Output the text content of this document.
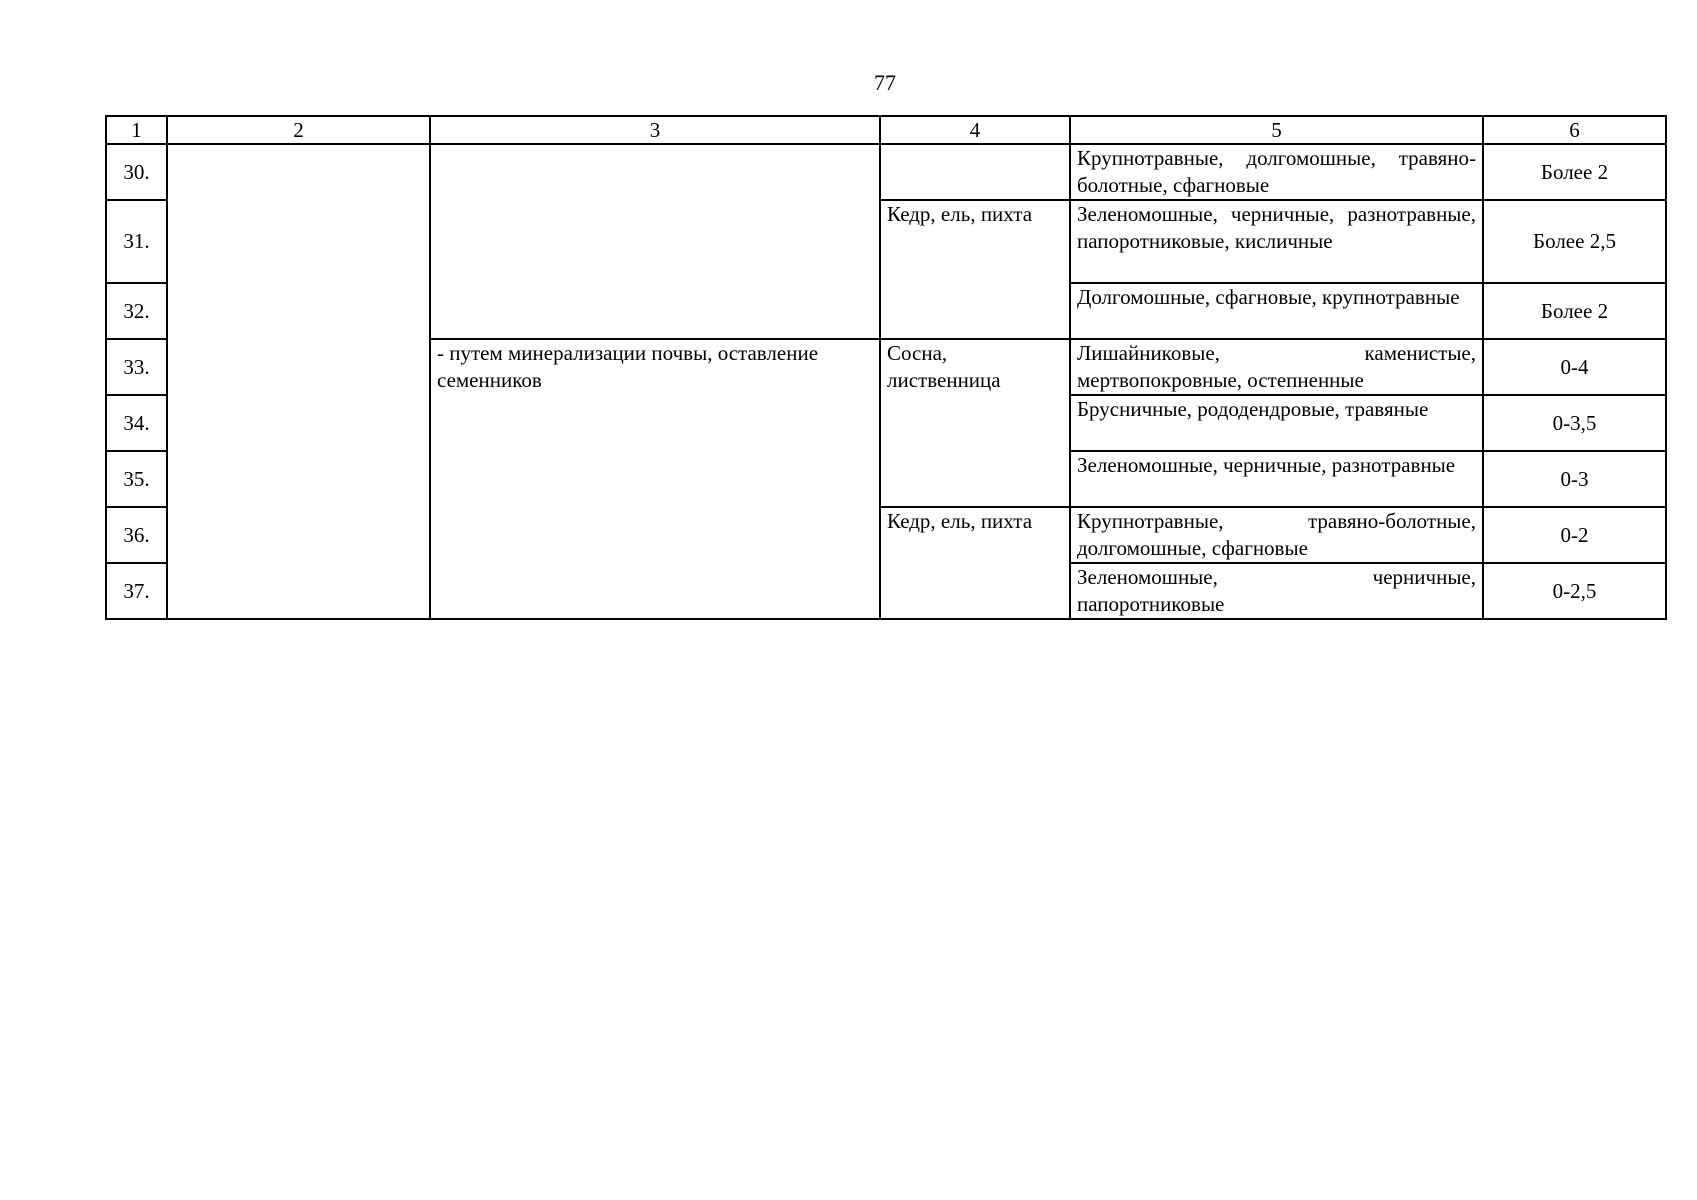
77
1	2	3	4	5	6
30.				Крупнотравные, долгомошные, травяно-болотные, сфагновые	Более 2
31.			Кедр, ель, пихта	Зеленомошные, черничные, разнотравные, папоротниковые, кисличные	Более 2,5
32.				Долгомошные, сфагновые, крупнотравные	Более 2
33.		- путем минерализации почвы, оставление семенников	Сосна, лиственница	Лишайниковые, каменистые, мертвопокровные, остепненные	0-4
34.				Брусничные, рододендровые, травяные	0-3,5
35.				Зеленомошные, черничные, разнотравные	0-3
36.			Кедр, ель, пихта	Крупнотравные, травяно-болотные, долгомошные, сфагновые	0-2
37.				Зеленомошные, черничные, папоротниковые	0-2,5
